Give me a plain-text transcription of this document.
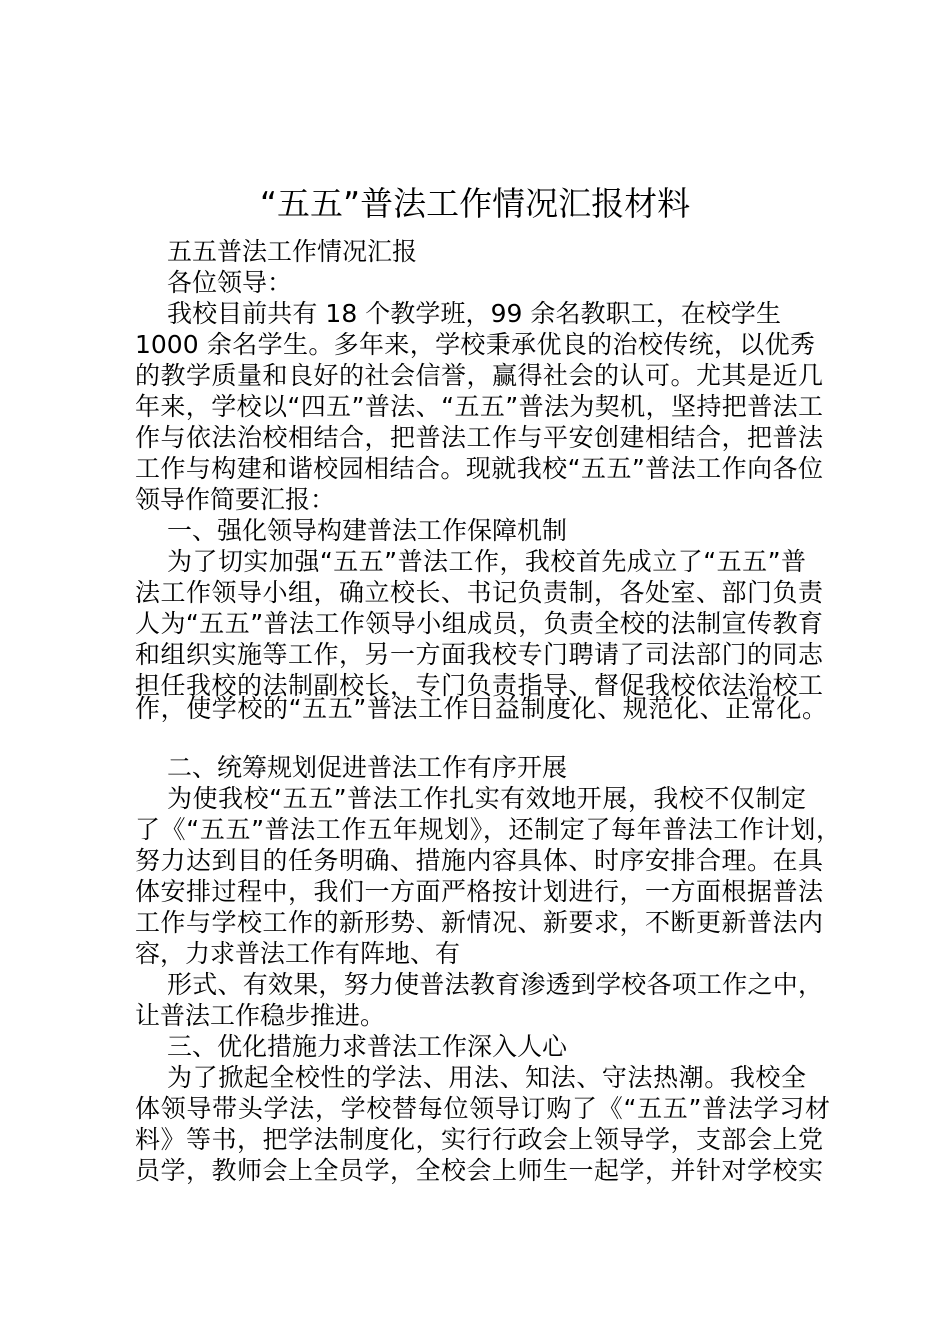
“五五”普法工作情况汇报材料
五五普法工作情况汇报
各位领导：
我校目前共有 18 个教学班，99 余名教职工，在校学生
1000 余名学生。多年来，学校秉承优良的治校传统，以优秀
的教学质量和良好的社会信誉，赢得社会的认可。尤其是近几
年来，学校以“四五”普法、“五五”普法为契机，坚持把普法工
作与依法治校相结合，把普法工作与平安创建相结合，把普法
工作与构建和谐校园相结合。现就我校“五五”普法工作向各位
领导作简要汇报：
一、强化领导构建普法工作保障机制
为了切实加强“五五”普法工作，我校首先成立了“五五”普
法工作领导小组，确立校长、书记负责制，各处室、部门负责
人为“五五”普法工作领导小组成员，负责全校的法制宣传教育
和组织实施等工作，另一方面我校专门聘请了司法部门的同志
担任我校的法制副校长，专门负责指导、督促我校依法治校工
作，使学校的“五五”普法工作日益制度化、规范化、正常化。
二、统筹规划促进普法工作有序开展
为使我校“五五”普法工作扎实有效地开展，我校不仅制定
了《“五五”普法工作五年规划》，还制定了每年普法工作计划，
努力达到目的任务明确、措施内容具体、时序安排合理。在具
体安排过程中，我们一方面严格按计划进行，一方面根据普法
工作与学校工作的新形势、新情况、新要求，不断更新普法内
容，力求普法工作有阵地、有
形式、有效果，努力使普法教育渗透到学校各项工作之中，
让普法工作稳步推进。
三、优化措施力求普法工作深入人心
为了掀起全校性的学法、用法、知法、守法热潮。我校全
体领导带头学法，学校替每位领导订购了《“五五”普法学习材
料》等书，把学法制度化，实行行政会上领导学，支部会上党
员学，教师会上全员学，全校会上师生一起学，并针对学校实
